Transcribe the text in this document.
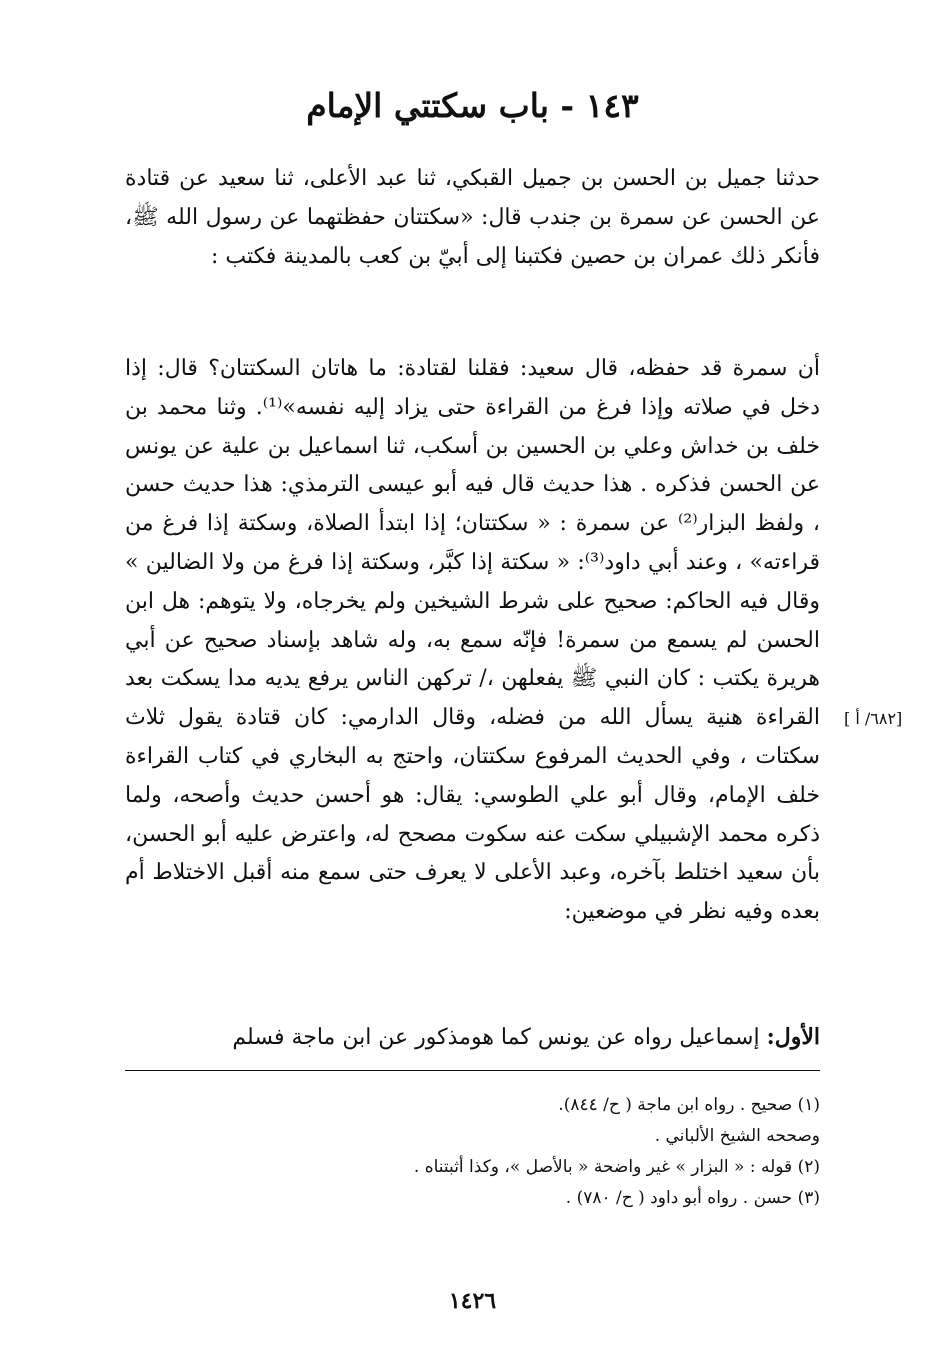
١٤٣ - باب سكتتي الإمام
حدثنا جميل بن الحسن بن جميل القبكي، ثنا عبد الأعلى، ثنا سعيد عن قتادة عن الحسن عن سمرة بن جندب قال: «سكتتان حفظتهما عن رسول الله ﷺ، فأنكر ذلك عمران بن حصين فكتبنا إلى أبيّ بن كعب بالمدينة فكتب :
أن سمرة قد حفظه، قال سعيد: فقلنا لقتادة: ما هاتان السكتتان؟ قال: إذا دخل في صلاته وإذا فرغ من القراءة حتى يزاد إليه نفسه»⁽¹⁾. وثنا محمد بن خلف بن خداش وعلي بن الحسين بن أسكب، ثنا اسماعيل بن علية عن يونس عن الحسن فذكره . هذا حديث قال فيه أبو عيسى الترمذي: هذا حديث حسن ، ولفظ البزار⁽²⁾ عن سمرة : « سكتتان؛ إذا ابتدأ الصلاة، وسكتة إذا فرغ من قراءته» ، وعند أبي داود⁽³⁾: « سكتة إذا كبَّر، وسكتة إذا فرغ من ولا الضالين » وقال فيه الحاكم: صحيح على شرط الشيخين ولم يخرجاه، ولا يتوهم: هل ابن الحسن لم يسمع من سمرة! فإنّه سمع به، وله شاهد بإسناد صحيح عن أبي هريرة يكتب : كان النبي ﷺ يفعلهن ،/ تركهن الناس يرفع يديه مدا يسكت بعد القراءة هنية يسأل الله من فضله، وقال الدارمي: كان قتادة يقول ثلاث سكتات ، وفي الحديث المرفوع سكتتان، واحتج به البخاري في كتاب القراءة خلف الإمام، وقال أبو علي الطوسي: يقال: هو أحسن حديث وأصحه، ولما ذكره محمد الإشبيلي سكت عنه سكوت مصحح له، واعترض عليه أبو الحسن، بأن سعيد اختلط بآخره، وعبد الأعلى لا يعرف حتى سمع منه أقبل الاختلاط أم بعده وفيه نظر في موضعين:
[٦٨٢/ أ ]
الأول: إسماعيل رواه عن يونس كما هومذكور عن ابن ماجة فسلم
(١) صحيح . رواه ابن ماجة ( ح/ ٨٤٤).
وصححه الشيخ الألباني .
(٢) قوله : « البزار » غير واضحة « بالأصل »، وكذا أثبتناه .
(٣) حسن . رواه أبو داود ( ح/ ٧٨٠) .
١٤٢٦
